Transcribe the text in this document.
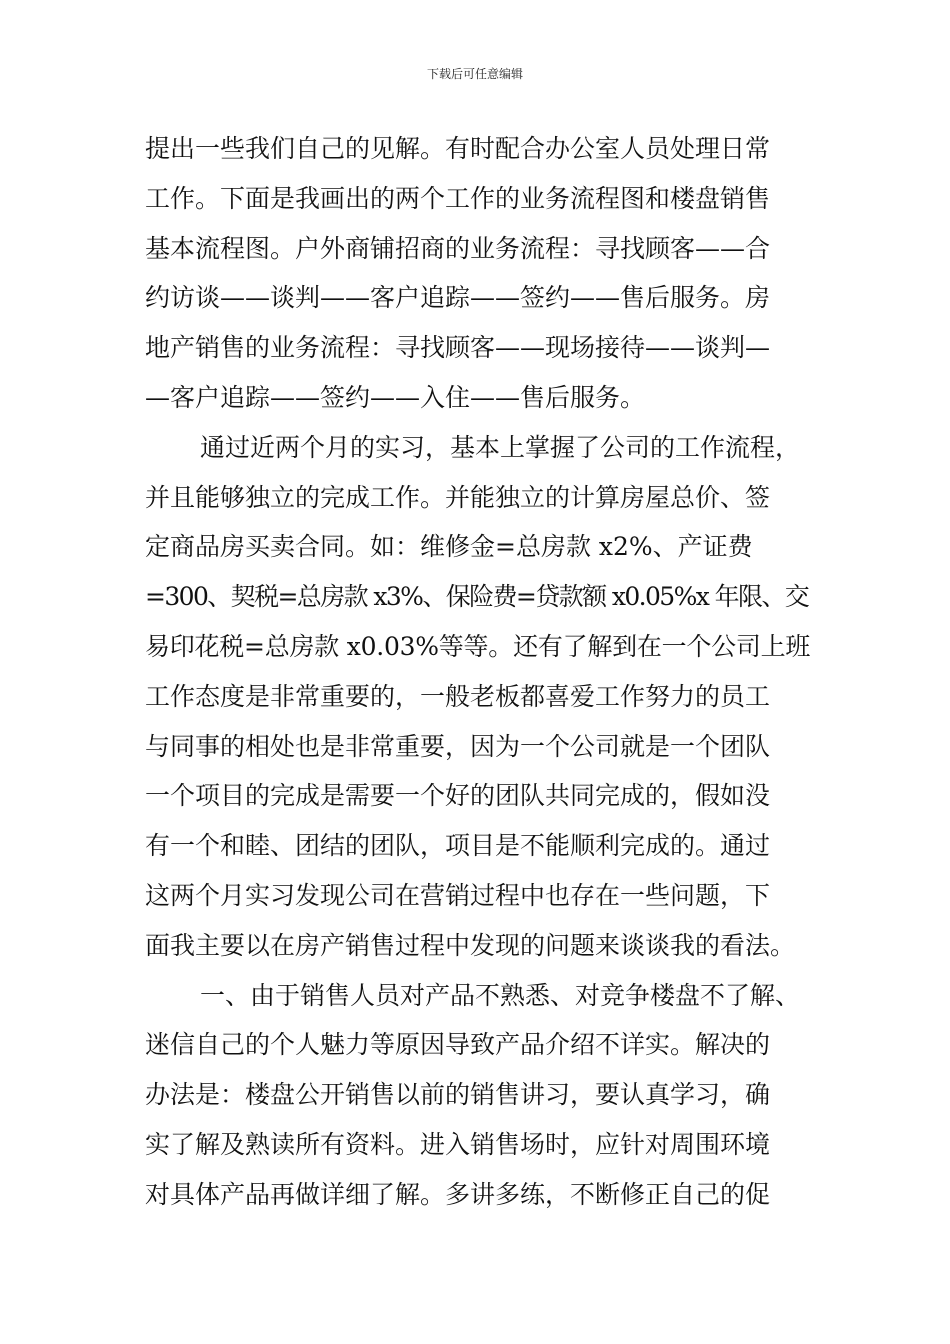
下载后可任意编辑
提出一些我们自己的见解。有时配合办公室人员处理日常
工作。下面是我画出的两个工作的业务流程图和楼盘销售
基本流程图。户外商铺招商的业务流程：寻找顾客——合
约访谈——谈判——客户追踪——签约——售后服务。房
地产销售的业务流程：寻找顾客——现场接待——谈判—
—客户追踪——签约——入住——售后服务。
通过近两个月的实习，基本上掌握了公司的工作流程，
并且能够独立的完成工作。并能独立的计算房屋总价、签
定商品房买卖合同。如：维修金=总房款 x2%、产证费
=300、契税=总房款 x3%、保险费=贷款额 x0.05%x 年限、交
易印花税=总房款 x0.03%等等。还有了解到在一个公司上班
工作态度是非常重要的，一般老板都喜爱工作努力的员工
与同事的相处也是非常重要，因为一个公司就是一个团队
一个项目的完成是需要一个好的团队共同完成的，假如没
有一个和睦、团结的团队，项目是不能顺利完成的。通过
这两个月实习发现公司在营销过程中也存在一些问题，下
面我主要以在房产销售过程中发现的问题来谈谈我的看法。
一、由于销售人员对产品不熟悉、对竞争楼盘不了解、
迷信自己的个人魅力等原因导致产品介绍不详实。解决的
办法是：楼盘公开销售以前的销售讲习，要认真学习，确
实了解及熟读所有资料。进入销售场时，应针对周围环境
对具体产品再做详细了解。多讲多练，不断修正自己的促
